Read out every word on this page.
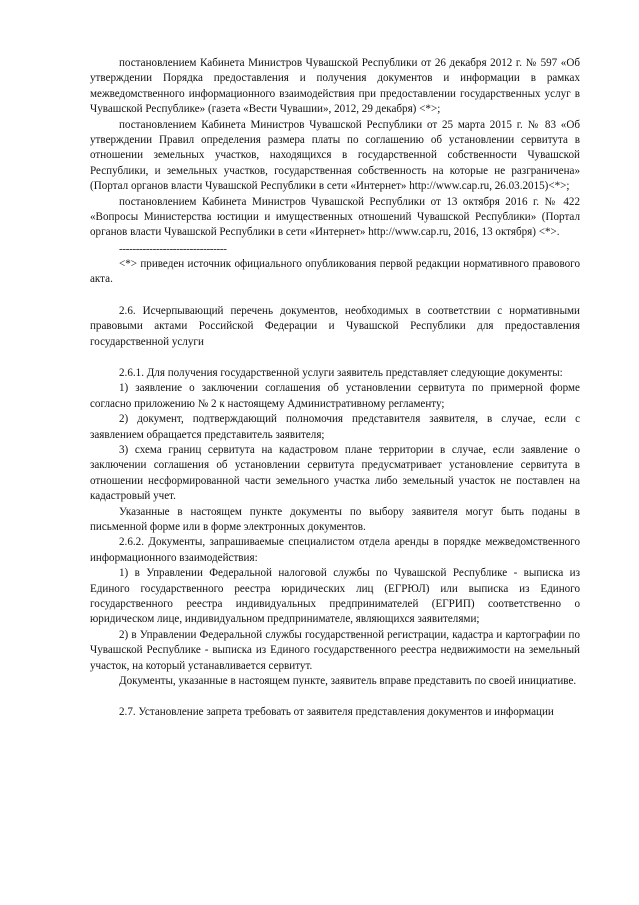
постановлением Кабинета Министров Чувашской Республики от 26 декабря 2012 г. № 597 «Об утверждении Порядка предоставления и получения документов и информации в рамках межведомственного информационного взаимодействия при предоставлении государственных услуг в Чувашской Республике» (газета «Вести Чувашии», 2012, 29 декабря) <*>;

постановлением Кабинета Министров Чувашской Республики от 25 марта 2015 г. № 83 «Об утверждении Правил определения размера платы по соглашению об установлении сервитута в отношении земельных участков, находящихся в государственной собственности Чувашской Республики, и земельных участков, государственная собственность на которые не разграничена» (Портал органов власти Чувашской Республики в сети «Интернет» http://www.cap.ru, 26.03.2015)<*>;

постановлением Кабинета Министров Чувашской Республики от 13 октября 2016 г. № 422 «Вопросы Министерства юстиции и имущественных отношений Чувашской Республики» (Портал органов власти Чувашской Республики в сети «Интернет» http://www.cap.ru, 2016, 13 октября) <*>.

--------------------------------

<*> приведен источник официального опубликования первой редакции нормативного правового акта.

2.6. Исчерпывающий перечень документов, необходимых в соответствии с нормативными правовыми актами Российской Федерации и Чувашской Республики для предоставления государственной услуги

2.6.1. Для получения государственной услуги заявитель представляет следующие документы:

1) заявление о заключении соглашения об установлении сервитута по примерной форме согласно приложению № 2 к настоящему Административному регламенту;

2) документ, подтверждающий полномочия представителя заявителя, в случае, если с заявлением обращается представитель заявителя;

3) схема границ сервитута на кадастровом плане территории в случае, если заявление о заключении соглашения об установлении сервитута предусматривает установление сервитута в отношении несформированной части земельного участка либо земельный участок не поставлен на кадастровый учет.

Указанные в настоящем пункте документы по выбору заявителя могут быть поданы в письменной форме или в форме электронных документов.

2.6.2. Документы, запрашиваемые специалистом отдела аренды в порядке межведомственного информационного взаимодействия:

1) в Управлении Федеральной налоговой службы по Чувашской Республике - выписка из Единого государственного реестра юридических лиц (ЕГРЮЛ) или выписка из Единого государственного реестра индивидуальных предпринимателей (ЕГРИП) соответственно о юридическом лице, индивидуальном предпринимателе, являющихся заявителями;

2) в Управлении Федеральной службы государственной регистрации, кадастра и картографии по Чувашской Республике - выписка из Единого государственного реестра недвижимости на земельный участок, на который устанавливается сервитут.

Документы, указанные в настоящем пункте, заявитель вправе представить по своей инициативе.

2.7. Установление запрета требовать от заявителя представления документов и информации
